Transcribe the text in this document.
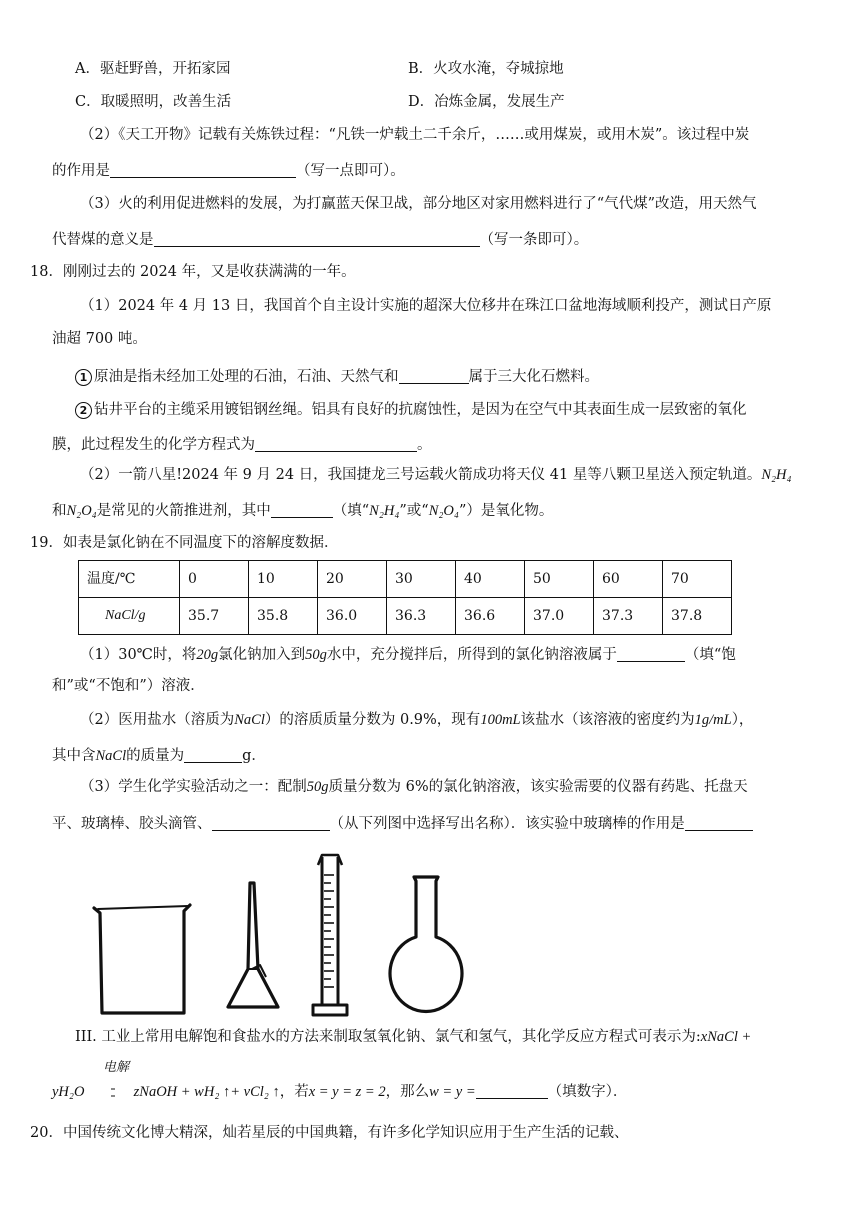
A．驱赶野兽，开拓家园	B．火攻水淹，夺城掠地
C．取暖照明，改善生活	D．冶炼金属，发展生产
（2）《天工开物》记载有关炼铁过程：“凡铁一炉载土二千余斤，……或用煤炭，或用木炭”。该过程中炭
的作用是	（写一点即可）。
（3）火的利用促进燃料的发展，为打赢蓝天保卫战，部分地区对家用燃料进行了“气代煤”改造，用天然气
代替煤的意义是	（写一条即可）。
18．刚刚过去的 2024 年，又是收获满满的一年。
（1）2024 年 4 月 13 日，我国首个自主设计实施的超深大位移井在珠江口盆地海域顺利投产，测试日产原
油超 700 吨。
1 原油是指未经加工处理的石油，石油、天然气和	属于三大化石燃料。
2 钻井平台的主缆采用镀铝钢丝绳。铝具有良好的抗腐蚀性，是因为在空气中其表面生成一层致密的氧化
膜，此过程发生的化学方程式为	。
（2）一箭八星!2024 年 9 月 24 日，我国捷龙三号运载火箭成功将天仪 41 星等八颗卫星送入预定轨道。N₂H₄
和N₂O₄是常见的火箭推进剂，其中	（填“N₂H₄”或“N₂O₄”）是氧化物。
19．如表是氯化钠在不同温度下的溶解度数据．
温度/℃	0	10	20	30	40	50	60	70
NaCl/g	35.7	35.8	36.0	36.3	36.6	37.0	37.3	37.8
（1）30℃时，将20g氯化钠加入到50g水中，充分搅拌后，所得到的氯化钠溶液属于	（填“饱
和”或“不饱和”）溶液．
（2）医用盐水（溶质为NaCl）的溶质质量分数为 0.9%，现有100mL该盐水（该溶液的密度约为1g/mL），
其中含NaCl的质量为	g．
（3）学生化学实验活动之一：配制50g质量分数为 6%的氯化钠溶液，该实验需要的仪器有药匙、托盘天
平、玻璃棒、胶头滴管、	（从下列图中选择写出名称）．该实验中玻璃棒的作用是
III. 工业上常用电解饱和食盐水的方法来制取氢氧化钠、氯气和氢气，其化学反应方程式可表示为:xNaCl +
电解
yH₂O	zNaOH + wH₂ ↑+ vCl₂ ↑，若x = y = z = 2，那么w = y =	（填数字）．
20．中国传统文化博大精深，灿若星辰的中国典籍，有许多化学知识应用于生产生活的记载、
